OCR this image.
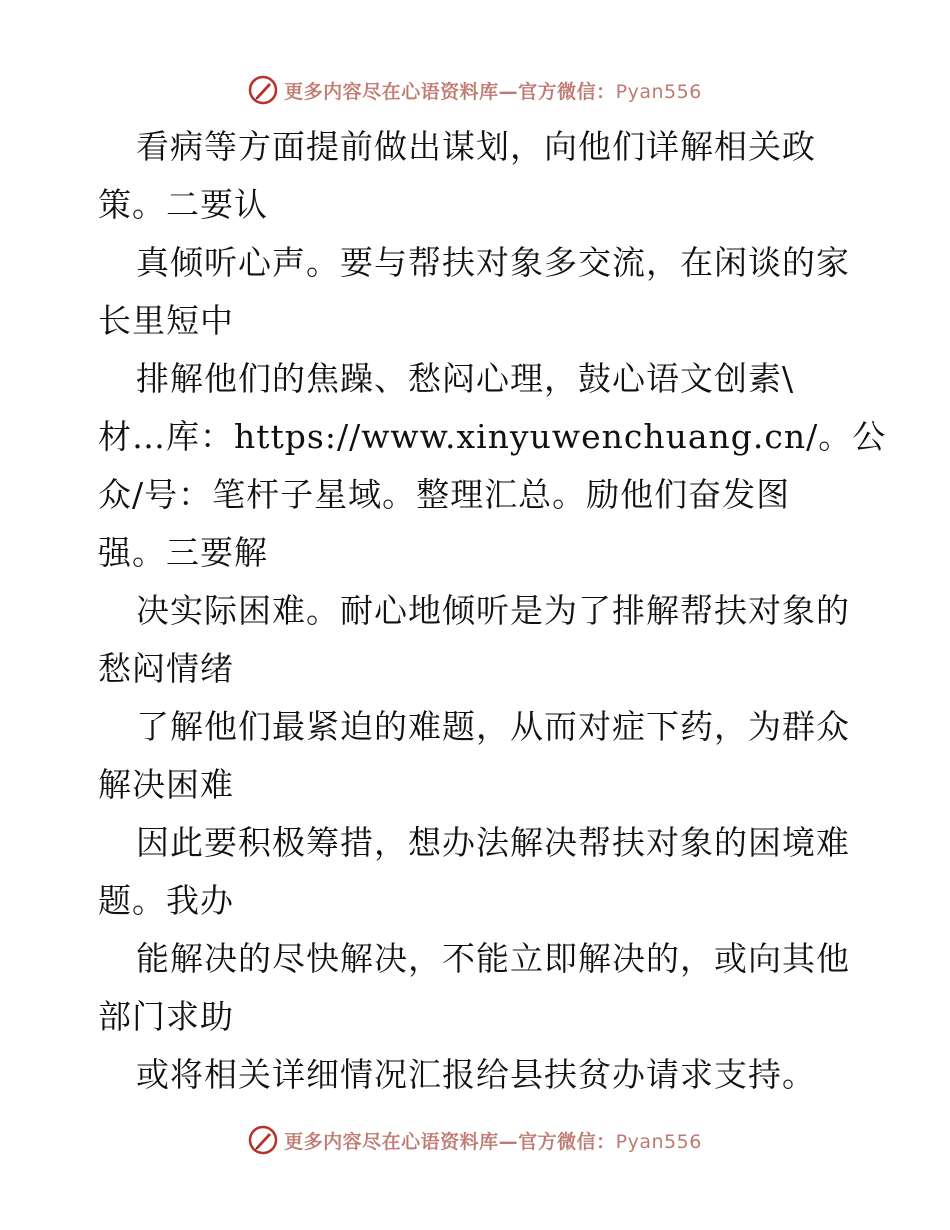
更多内容尽在心语资料库—官方微信：Pyan556
看病等方面提前做出谋划，向他们详解相关政
策。二要认
真倾听心声。要与帮扶对象多交流，在闲谈的家
长里短中
排解他们的焦躁、愁闷心理，鼓心语文创素\
材…库：https://www.xinyuwenchuang.cn/。公
众/号：笔杆子星域。整理汇总。励他们奋发图
强。三要解
决实际困难。耐心地倾听是为了排解帮扶对象的
愁闷情绪
了解他们最紧迫的难题，从而对症下药，为群众
解决困难
因此要积极筹措，想办法解决帮扶对象的困境难
题。我办
能解决的尽快解决，不能立即解决的，或向其他
部门求助
或将相关详细情况汇报给县扶贫办请求支持。
更多内容尽在心语资料库—官方微信：Pyan556
